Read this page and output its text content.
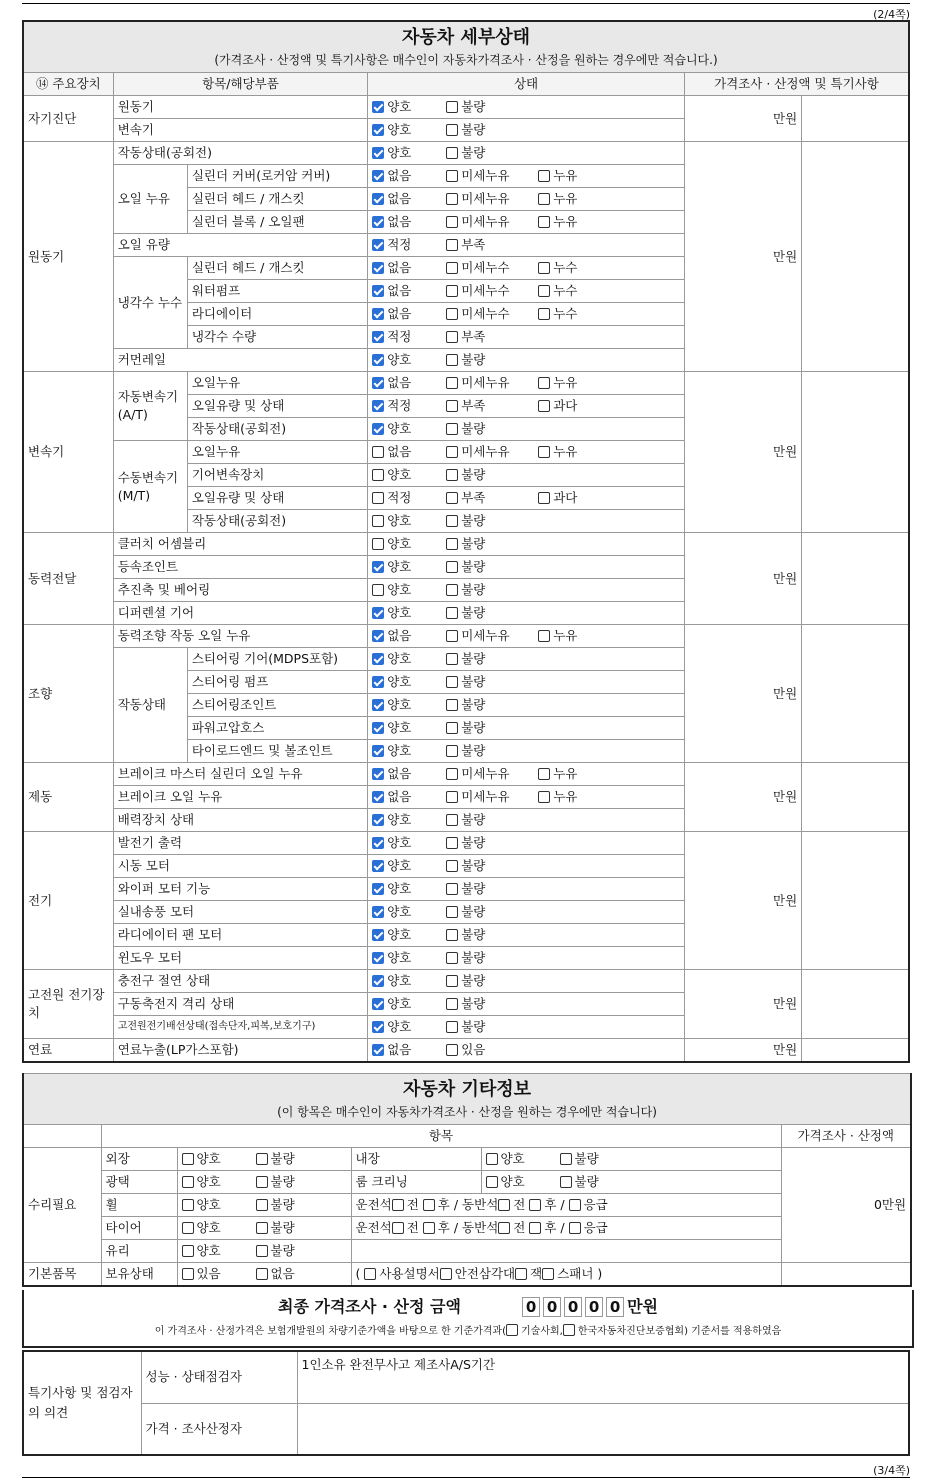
(2/4쪽)
자동차 세부상태
(가격조사 · 산정액 및 특기사항은 매수인이 자동차가격조사 · 산정을 원하는 경우에만 적습니다.)					

⑭ 주요장치	항목/해당부품		상태	가격조사 · 산정액 및 특기사항	
자기진단	원동기		양호 불량	만원	
	변속기		양호 불량		
원동기	작동상태(공회전)		양호 불량	만원	
	오일 누유	실린더 커버(로커암 커버)	없음 미세누유 누유		
		실린더 헤드 / 개스킷	없음 미세누유 누유		
		실린더 블록 / 오일팬	없음 미세누유 누유		
	오일 유량		적정 부족		
	냉각수 누수	실린더 헤드 / 개스킷	없음 미세누수 누수		
		워터펌프	없음 미세누수 누수		
		라디에이터	없음 미세누수 누수		
		냉각수 수량	적정 부족		
	커먼레일		양호 불량		
변속기	자동변속기 (A/T)	오일누유	없음 미세누유 누유	만원	
		오일유량 및 상태	적정 부족 과다		
		작동상태(공회전)	양호 불량		
	수동변속기 (M/T)	오일누유	없음 미세누유 누유		
		기어변속장치	양호 불량		
		오일유량 및 상태	적정 부족 과다		
		작동상태(공회전)	양호 불량		
동력전달	클러치 어셈블리		양호 불량	만원	
	등속조인트		양호 불량		
	추진축 및 베어링		양호 불량		
	디퍼렌셜 기어		양호 불량		
조향	동력조향 작동 오일 누유		없음 미세누유 누유	만원	
	작동상태	스티어링 기어(MDPS포함)	양호 불량		
		스티어링 펌프	양호 불량		
		스티어링조인트	양호 불량		
		파워고압호스	양호 불량		
		타이로드엔드 및 볼조인트	양호 불량		
제동	브레이크 마스터 실린더 오일 누유		없음 미세누유 누유	만원	
	브레이크 오일 누유		없음 미세누유 누유		
	배력장치 상태		양호 불량		
전기	발전기 출력		양호 불량	만원	
	시동 모터		양호 불량		
	와이퍼 모터 기능		양호 불량		
	실내송풍 모터		양호 불량		
	라디에이터 팬 모터		양호 불량		
	윈도우 모터		양호 불량		
고전원 전기장치	충전구 절연 상태		양호 불량	만원	
	구동축전지 격리 상태		양호 불량		
	고전원전기배선상태(접속단자,피복,보호기구)		양호 불량		
연료	연료누출(LP가스포함)		없음 있음	만원	
자동차 기타정보
(이 항목은 매수인이 자동차가격조사 · 산정을 원하는 경우에만 적습니다)					

	항목				가격조사 · 산정액
수리필요	외장	양호 불량	내장	양호 불량	0만원
	광택	양호 불량	룸 크리닝	양호 불량	
	휠	양호 불량	운전석 전 후 / 동반석 전 후 / 응급		
	타이어	양호 불량	운전석 전 후 / 동반석 전 후 / 응급		
	유리	양호 불량			
기본품목	보유상태	있음 없음	( 사용설명서 안전삼각대 잭 스패너 )		
최종 가격조사 · 산정 금액	0 0 0 0 0 만원
이 가격조사 · 산정가격은 보험개발원의 차량기준가액을 바탕으로 한 기준가격과( 기술사회, 한국자동차진단보증협회) 기준서를 적용하였음
특기사항 및 점검자의 의견	성능 · 상태점검자	1인소유 완전무사고 제조사A/S기간
	가격 · 조사산정자	
(3/4쪽)
